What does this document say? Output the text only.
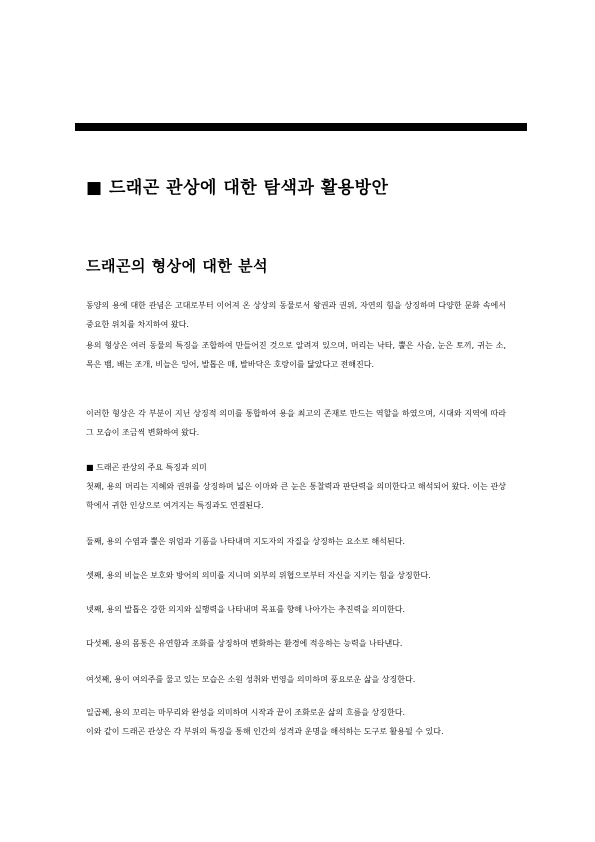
■ 드래곤 관상에 대한 탐색과 활용방안
드래곤의 형상에 대한 분석
동양의 용에 대한 관념은 고대로부터 이어져 온 상상의 동물로서 왕권과 권위, 자연의 힘을 상징하며 다양한 문화 속에서 중요한 위치를 차지하여 왔다.
용의 형상은 여러 동물의 특징을 조합하여 만들어진 것으로 알려져 있으며, 머리는 낙타, 뿔은 사슴, 눈은 토끼, 귀는 소, 목은 뱀, 배는 조개, 비늘은 잉어, 발톱은 매, 발바닥은 호랑이를 닮았다고 전해진다.
이러한 형상은 각 부분이 지닌 상징적 의미를 통합하여 용을 최고의 존재로 만드는 역할을 하였으며, 시대와 지역에 따라 그 모습이 조금씩 변화하여 왔다.
■ 드래곤 관상의 주요 특징과 의미
첫째, 용의 머리는 지혜와 권위를 상징하며 넓은 이마와 큰 눈은 통찰력과 판단력을 의미한다고 해석되어 왔다. 이는 관상학에서 귀한 인상으로 여겨지는 특징과도 연결된다.
둘째, 용의 수염과 뿔은 위엄과 기품을 나타내며 지도자의 자질을 상징하는 요소로 해석된다.
셋째, 용의 비늘은 보호와 방어의 의미를 지니며 외부의 위협으로부터 자신을 지키는 힘을 상징한다.
넷째, 용의 발톱은 강한 의지와 실행력을 나타내며 목표를 향해 나아가는 추진력을 의미한다.
다섯째, 용의 몸통은 유연함과 조화를 상징하며 변화하는 환경에 적응하는 능력을 나타낸다.
여섯째, 용이 여의주를 물고 있는 모습은 소원 성취와 번영을 의미하며 풍요로운 삶을 상징한다.
일곱째, 용의 꼬리는 마무리와 완성을 의미하며 시작과 끝이 조화로운 삶의 흐름을 상징한다.
이와 같이 드래곤 관상은 각 부위의 특징을 통해 인간의 성격과 운명을 해석하는 도구로 활용될 수 있다.
